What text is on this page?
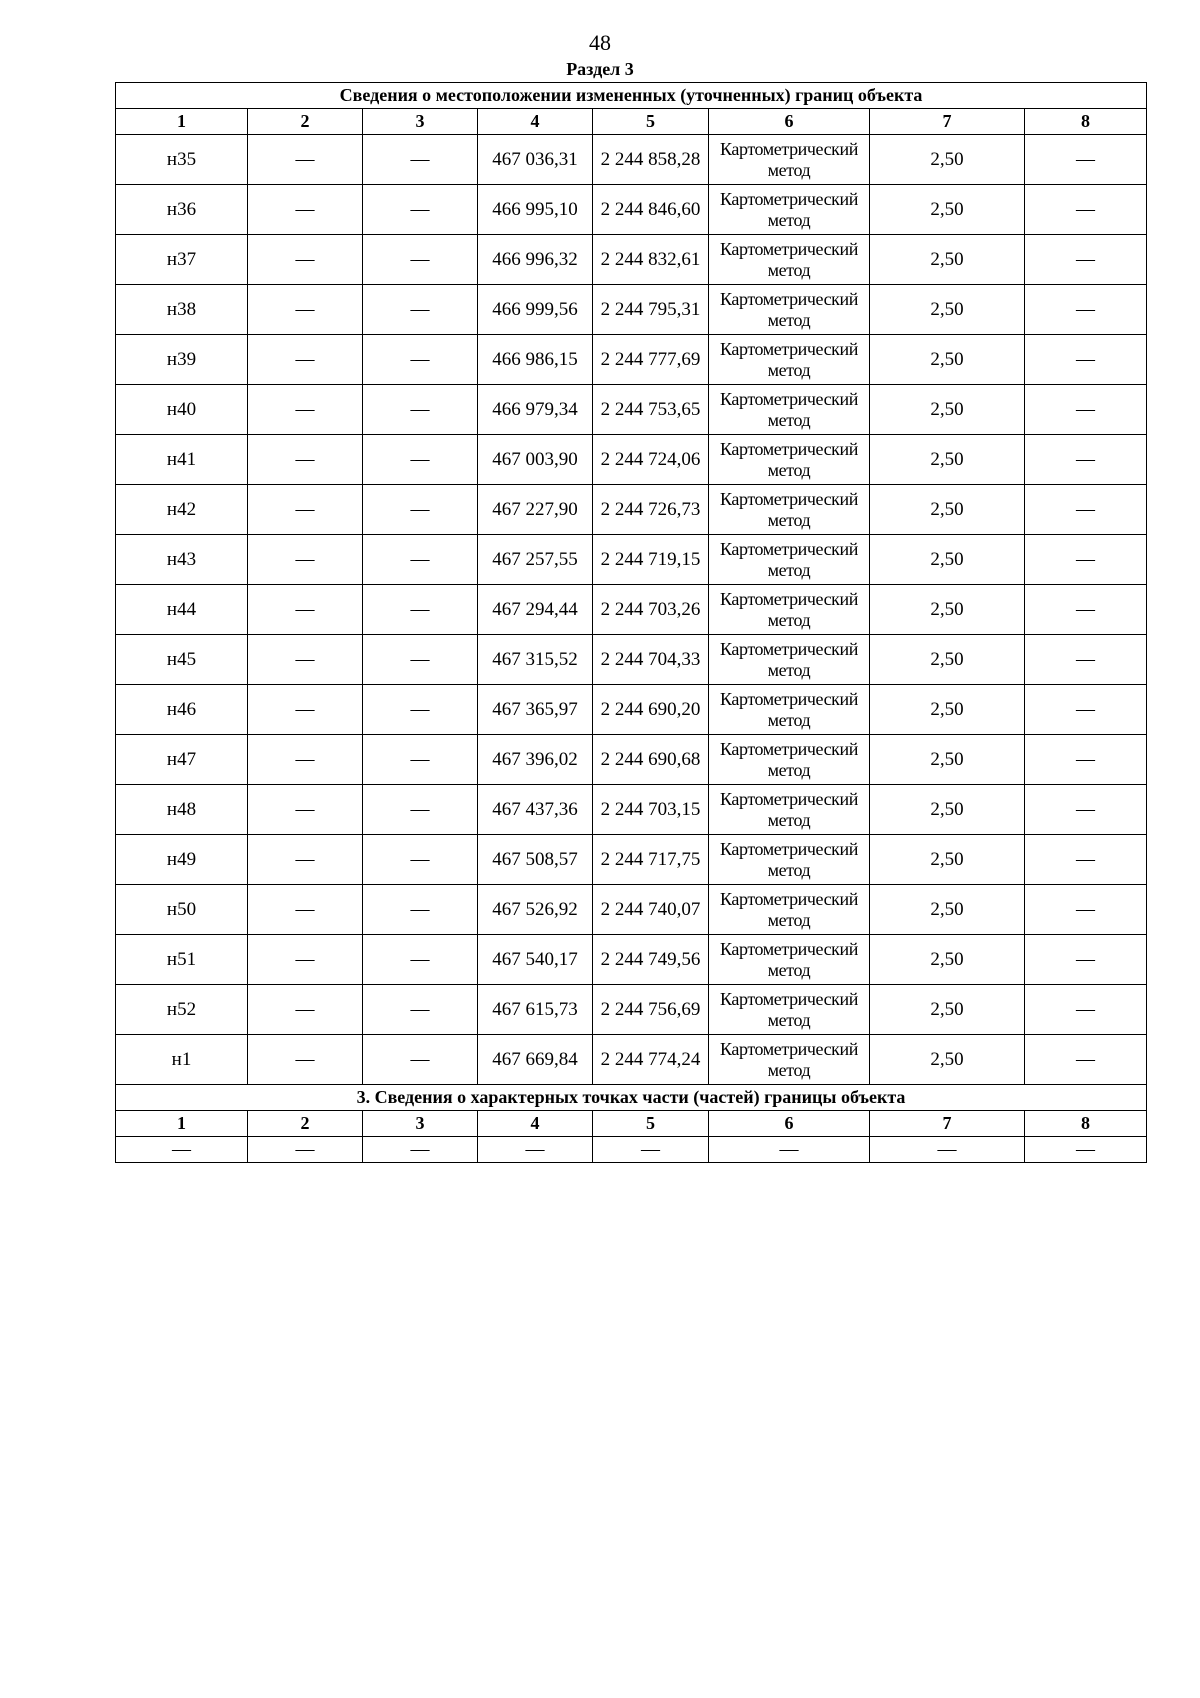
48
Раздел 3
Сведения о местоположении измененных (уточненных) границ объекта							
1	2	3	4	5	6	7	8
н35	—	—	467 036,31	2 244 858,28	Картометрический метод	2,50	—
н36	—	—	466 995,10	2 244 846,60	Картометрический метод	2,50	—
н37	—	—	466 996,32	2 244 832,61	Картометрический метод	2,50	—
н38	—	—	466 999,56	2 244 795,31	Картометрический метод	2,50	—
н39	—	—	466 986,15	2 244 777,69	Картометрический метод	2,50	—
н40	—	—	466 979,34	2 244 753,65	Картометрический метод	2,50	—
н41	—	—	467 003,90	2 244 724,06	Картометрический метод	2,50	—
н42	—	—	467 227,90	2 244 726,73	Картометрический метод	2,50	—
н43	—	—	467 257,55	2 244 719,15	Картометрический метод	2,50	—
н44	—	—	467 294,44	2 244 703,26	Картометрический метод	2,50	—
н45	—	—	467 315,52	2 244 704,33	Картометрический метод	2,50	—
н46	—	—	467 365,97	2 244 690,20	Картометрический метод	2,50	—
н47	—	—	467 396,02	2 244 690,68	Картометрический метод	2,50	—
н48	—	—	467 437,36	2 244 703,15	Картометрический метод	2,50	—
н49	—	—	467 508,57	2 244 717,75	Картометрический метод	2,50	—
н50	—	—	467 526,92	2 244 740,07	Картометрический метод	2,50	—
н51	—	—	467 540,17	2 244 749,56	Картометрический метод	2,50	—
н52	—	—	467 615,73	2 244 756,69	Картометрический метод	2,50	—
н1	—	—	467 669,84	2 244 774,24	Картометрический метод	2,50	—
3. Сведения о характерных точках части (частей) границы объекта							
1	2	3	4	5	6	7	8
—	—	—	—	—	—	—	—
